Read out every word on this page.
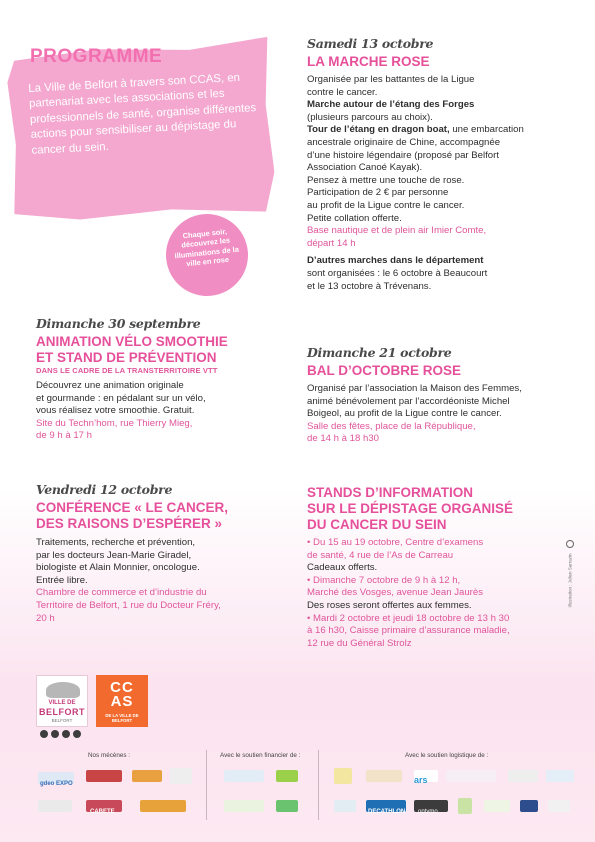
PROGRAMME
La Ville de Belfort à travers son CCAS, en partenariat avec les associations et les professionnels de santé, organise différentes actions pour sensibiliser au dépistage du cancer du sein.
Chaque soir, découvrez les illuminations de la ville en rose
Dimanche 30 septembre
ANIMATION VÉLO SMOOTHIE
ET STAND DE PRÉVENTION
DANS LE CADRE DE LA TRANSTERRITOIRE VTT
Découvrez une animation originale
et gourmande : en pédalant sur un vélo,
vous réalisez votre smoothie. Gratuit.
Site du Techn’hom, rue Thierry Mieg,
de 9 h à 17 h
Vendredi 12 octobre
CONFÉRENCE « LE CANCER,
DES RAISONS D’ESPÉRER »
Traitements, recherche et prévention,
par les docteurs Jean-Marie Giradel,
biologiste et Alain Monnier, oncologue.
Entrée libre.
Chambre de commerce et d’industrie du
Territoire de Belfort, 1 rue du Docteur Fréry,
20 h
Samedi 13 octobre
LA MARCHE ROSE
Organisée par les battantes de la Ligue
contre le cancer.
Marche autour de l’étang des Forges
(plusieurs parcours au choix).
Tour de l’étang en dragon boat, une embarcation
ancestrale originaire de Chine, accompagnée
d’une histoire légendaire (proposé par Belfort
Association Canoé Kayak).
Pensez à mettre une touche de rose.
Participation de 2 € par personne
au profit de la Ligue contre le cancer.
Petite collation offerte.
Base nautique et de plein air Imier Comte,
départ 14 h
D’autres marches dans le département
sont organisées : le 6 octobre à Beaucourt
et le 13 octobre à Trévenans.
Dimanche 21 octobre
BAL D’OCTOBRE ROSE
Organisé par l’association la Maison des Femmes,
animé bénévolement par l’accordéoniste Michel
Boigeol, au profit de la Ligue contre le cancer.
Salle des fêtes, place de la République,
de 14 h à 18 h30
STANDS D’INFORMATION
SUR LE DÉPISTAGE ORGANISÉ
DU CANCER DU SEIN
• Du 15 au 19 octobre, Centre d’examens
de santé, 4 rue de l’As de Carreau
Cadeaux offerts.
• Dimanche 7 octobre de 9 h à 12 h,
Marché des Vosges, avenue Jean Jaurès
Des roses seront offertes aux femmes.
• Mardi 2 octobre et jeudi 18 octobre de 13 h 30
à 16 h30, Caisse primaire d’assurance maladie,
12 rue du Général Strolz
Illustration : Julien Sarrazin
VILLE DE
BELFORT
BELFORT
CC
AS
DE LA VILLE DE BELFORT
Nos mécènes :	Avec le soutien financier de :	Avec le soutien logistique de :
gdeo EXPO
CABETE
ars
DECATHLON	optymo
